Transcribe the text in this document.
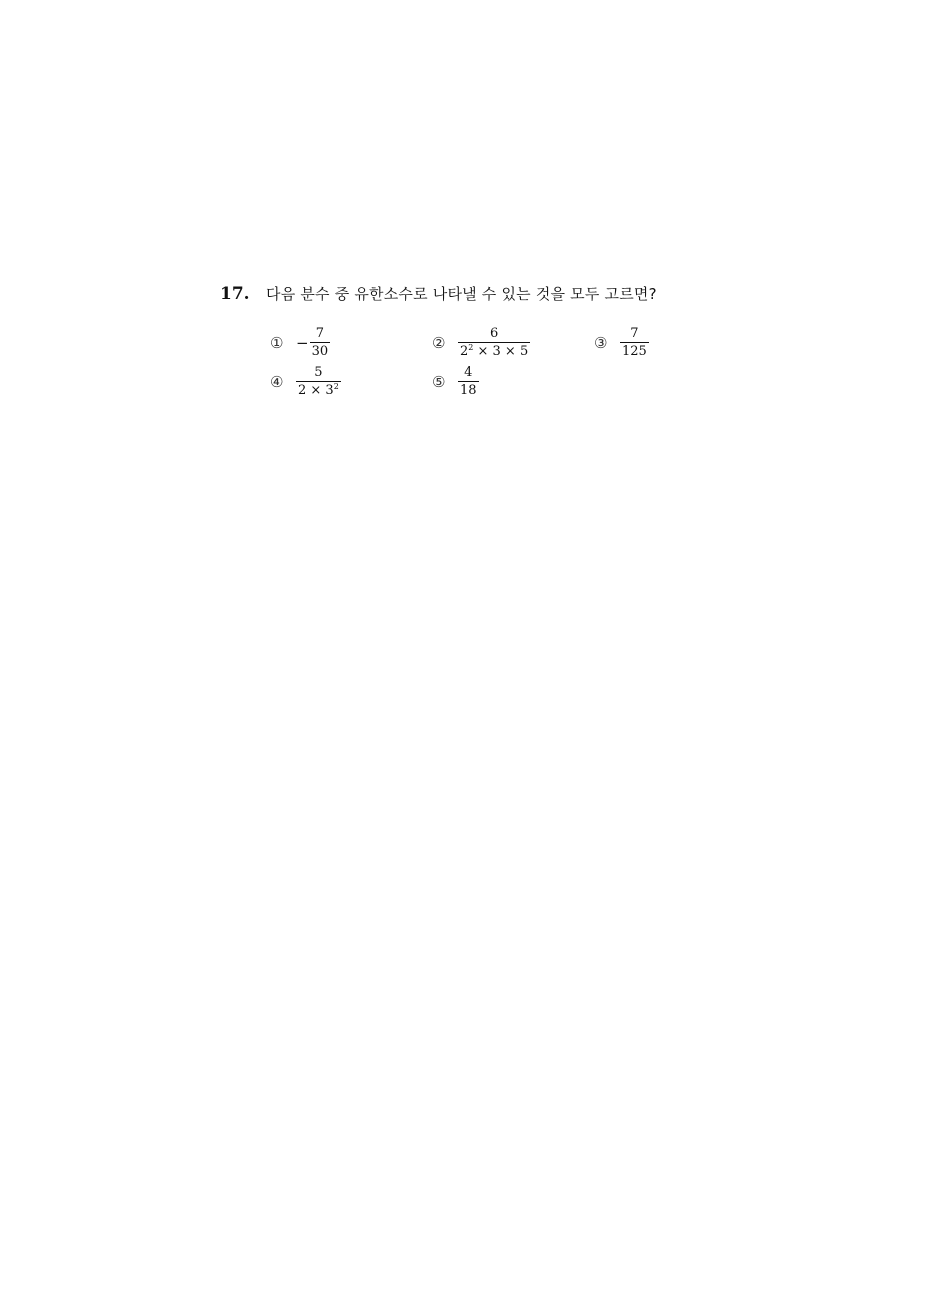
17.	다음 분수 중 유한소수로 나타낼 수 있는 것을 모두 고르면?
① − $\frac{7}{30}$	② $\frac{6}{2^2 \times 3 \times 5}$	③ $\frac{7}{125}$
④ $\frac{5}{2 \times 3^2}$	⑤ $\frac{4}{18}$
